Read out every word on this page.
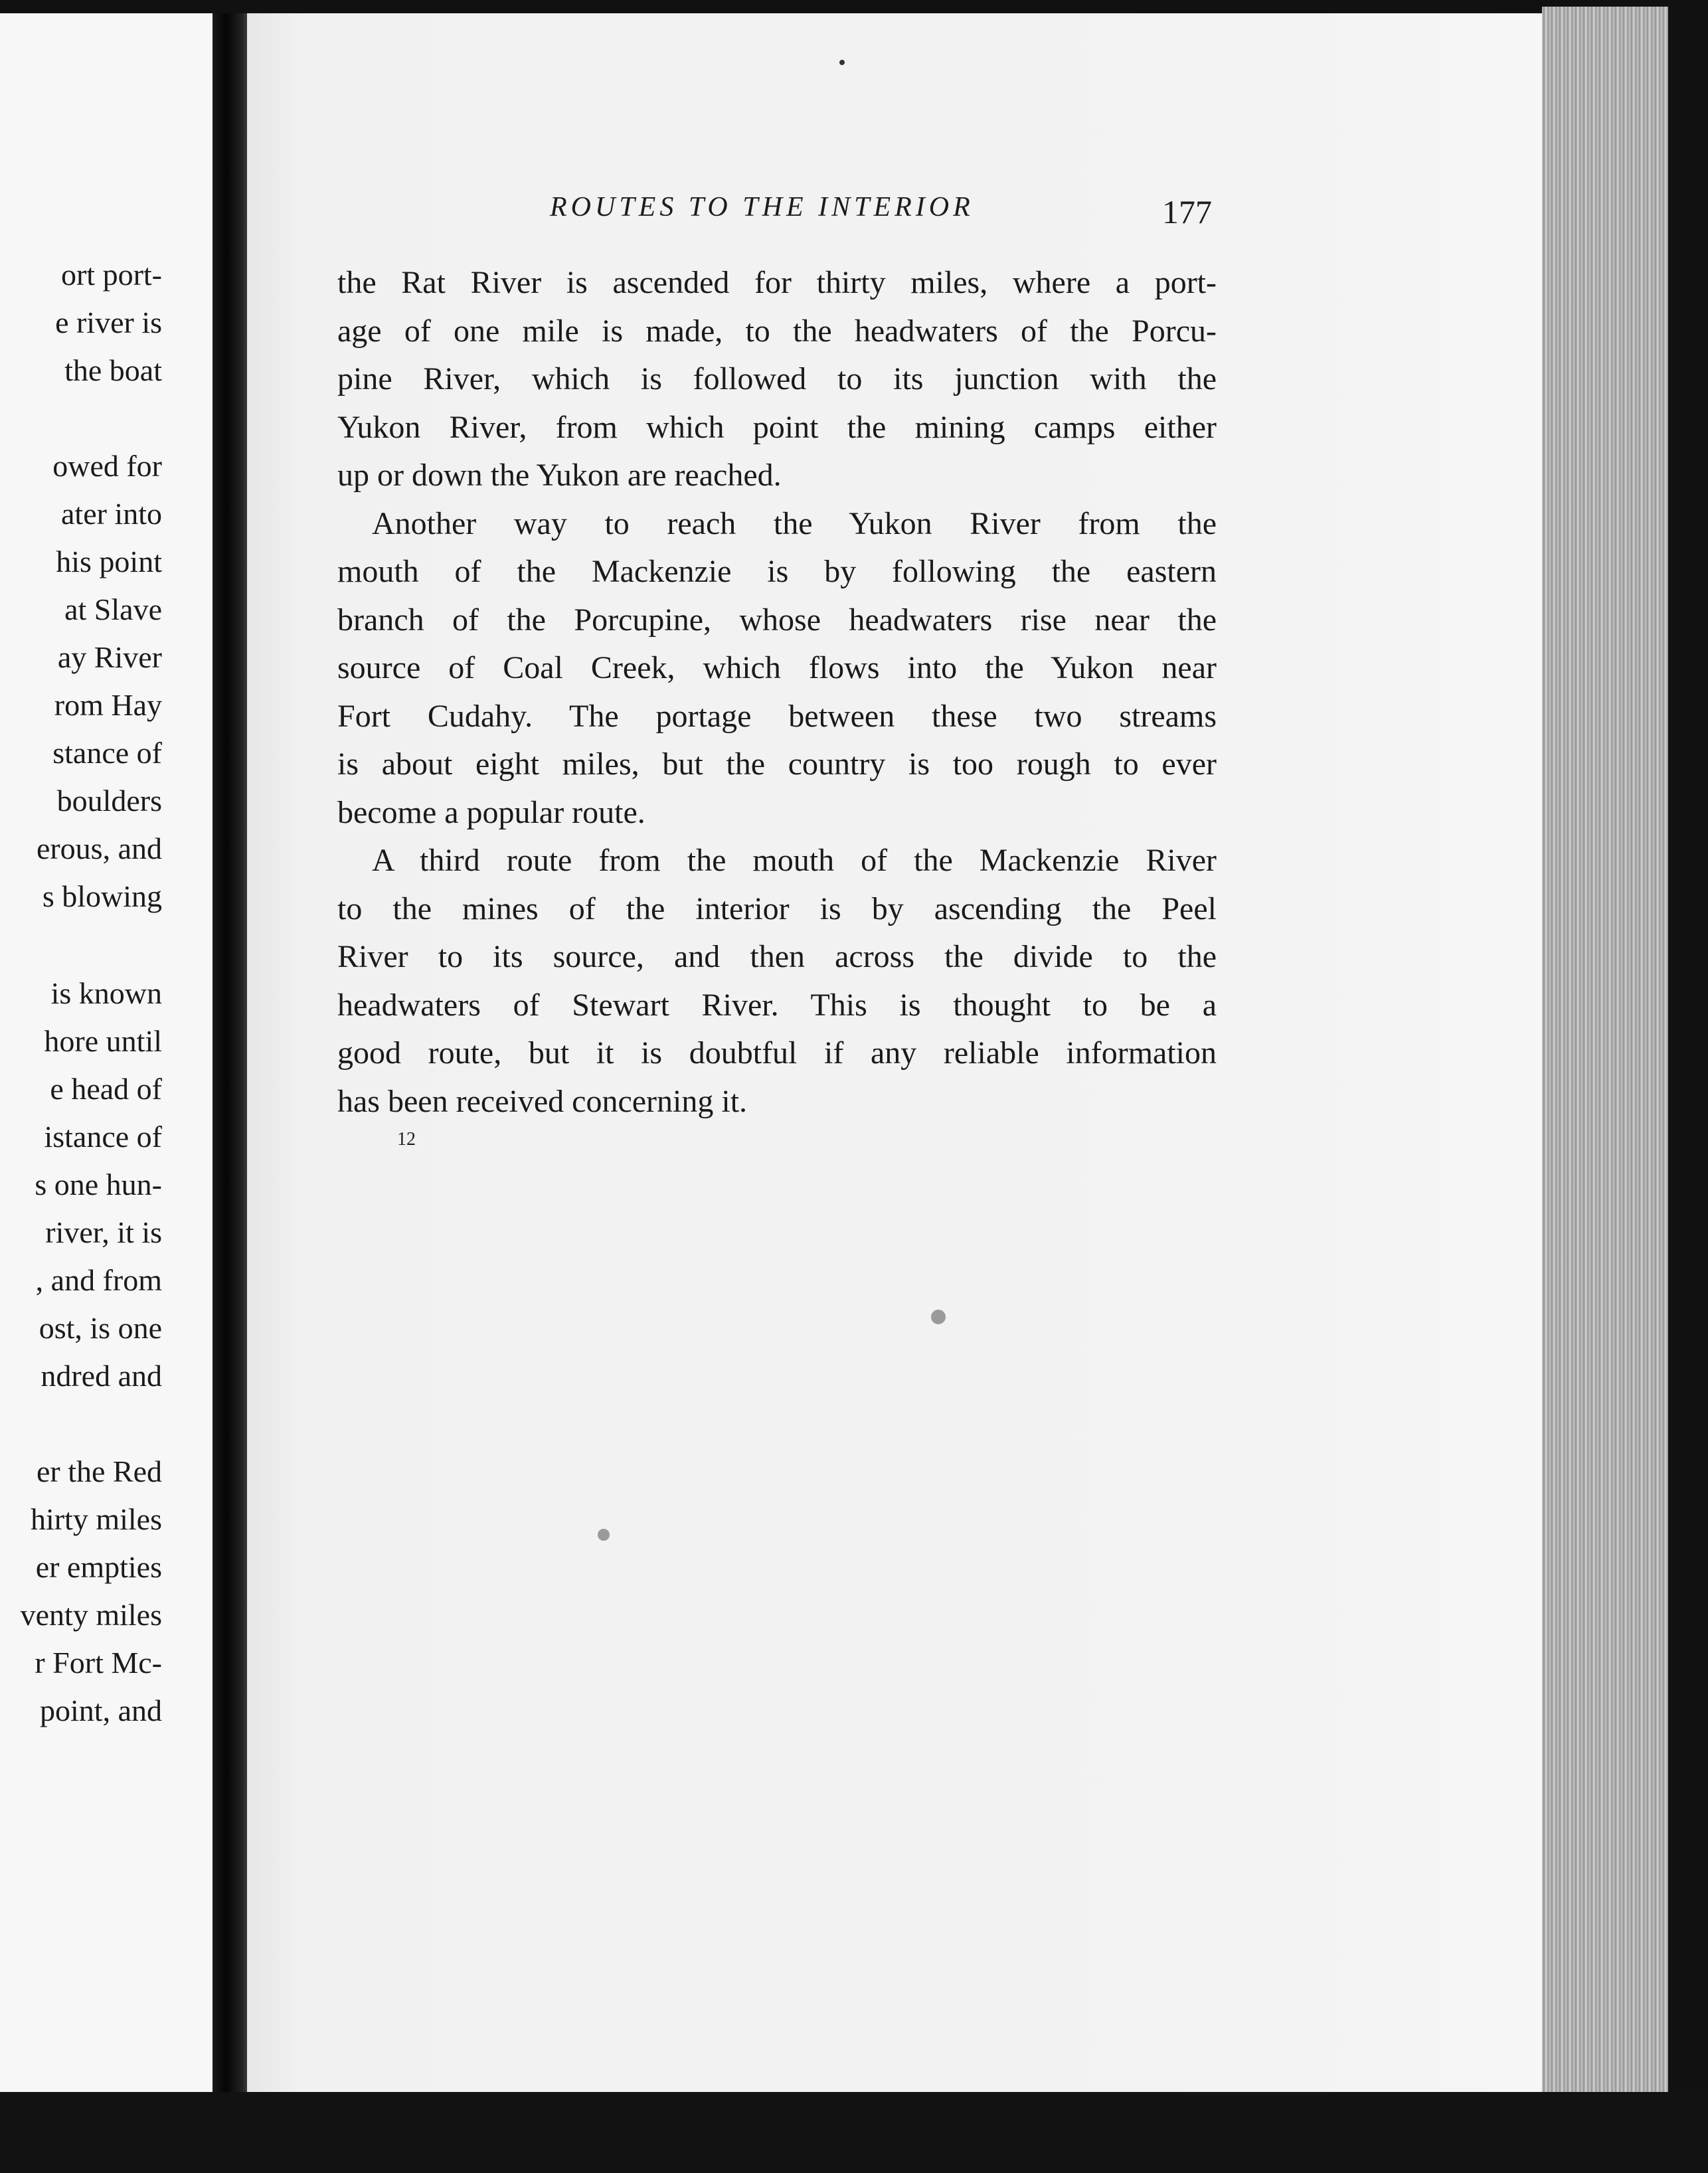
ort port-
e river is
the boat
owed for
ater into
his point
at Slave
ay River
rom Hay
stance of
boulders
erous, and
s blowing
is known
hore until
e head of
istance of
s one hun-
river, it is
, and from
ost, is one
ndred and
er the Red
hirty miles
er empties
venty miles
r Fort Mc-
point, and
ROUTES TO THE INTERIOR	177
the Rat River is ascended for thirty miles, where a port-
age of one mile is made, to the headwaters of the Porcu-
pine River, which is followed to its junction with the
Yukon River, from which point the mining camps either
up or down the Yukon are reached.
Another way to reach the Yukon River from the
mouth of the Mackenzie is by following the eastern
branch of the Porcupine, whose headwaters rise near the
source of Coal Creek, which flows into the Yukon near
Fort Cudahy. The portage between these two streams
is about eight miles, but the country is too rough to ever
become a popular route.
A third route from the mouth of the Mackenzie River
to the mines of the interior is by ascending the Peel
River to its source, and then across the divide to the
headwaters of Stewart River. This is thought to be a
good route, but it is doubtful if any reliable information
has been received concerning it.
12
